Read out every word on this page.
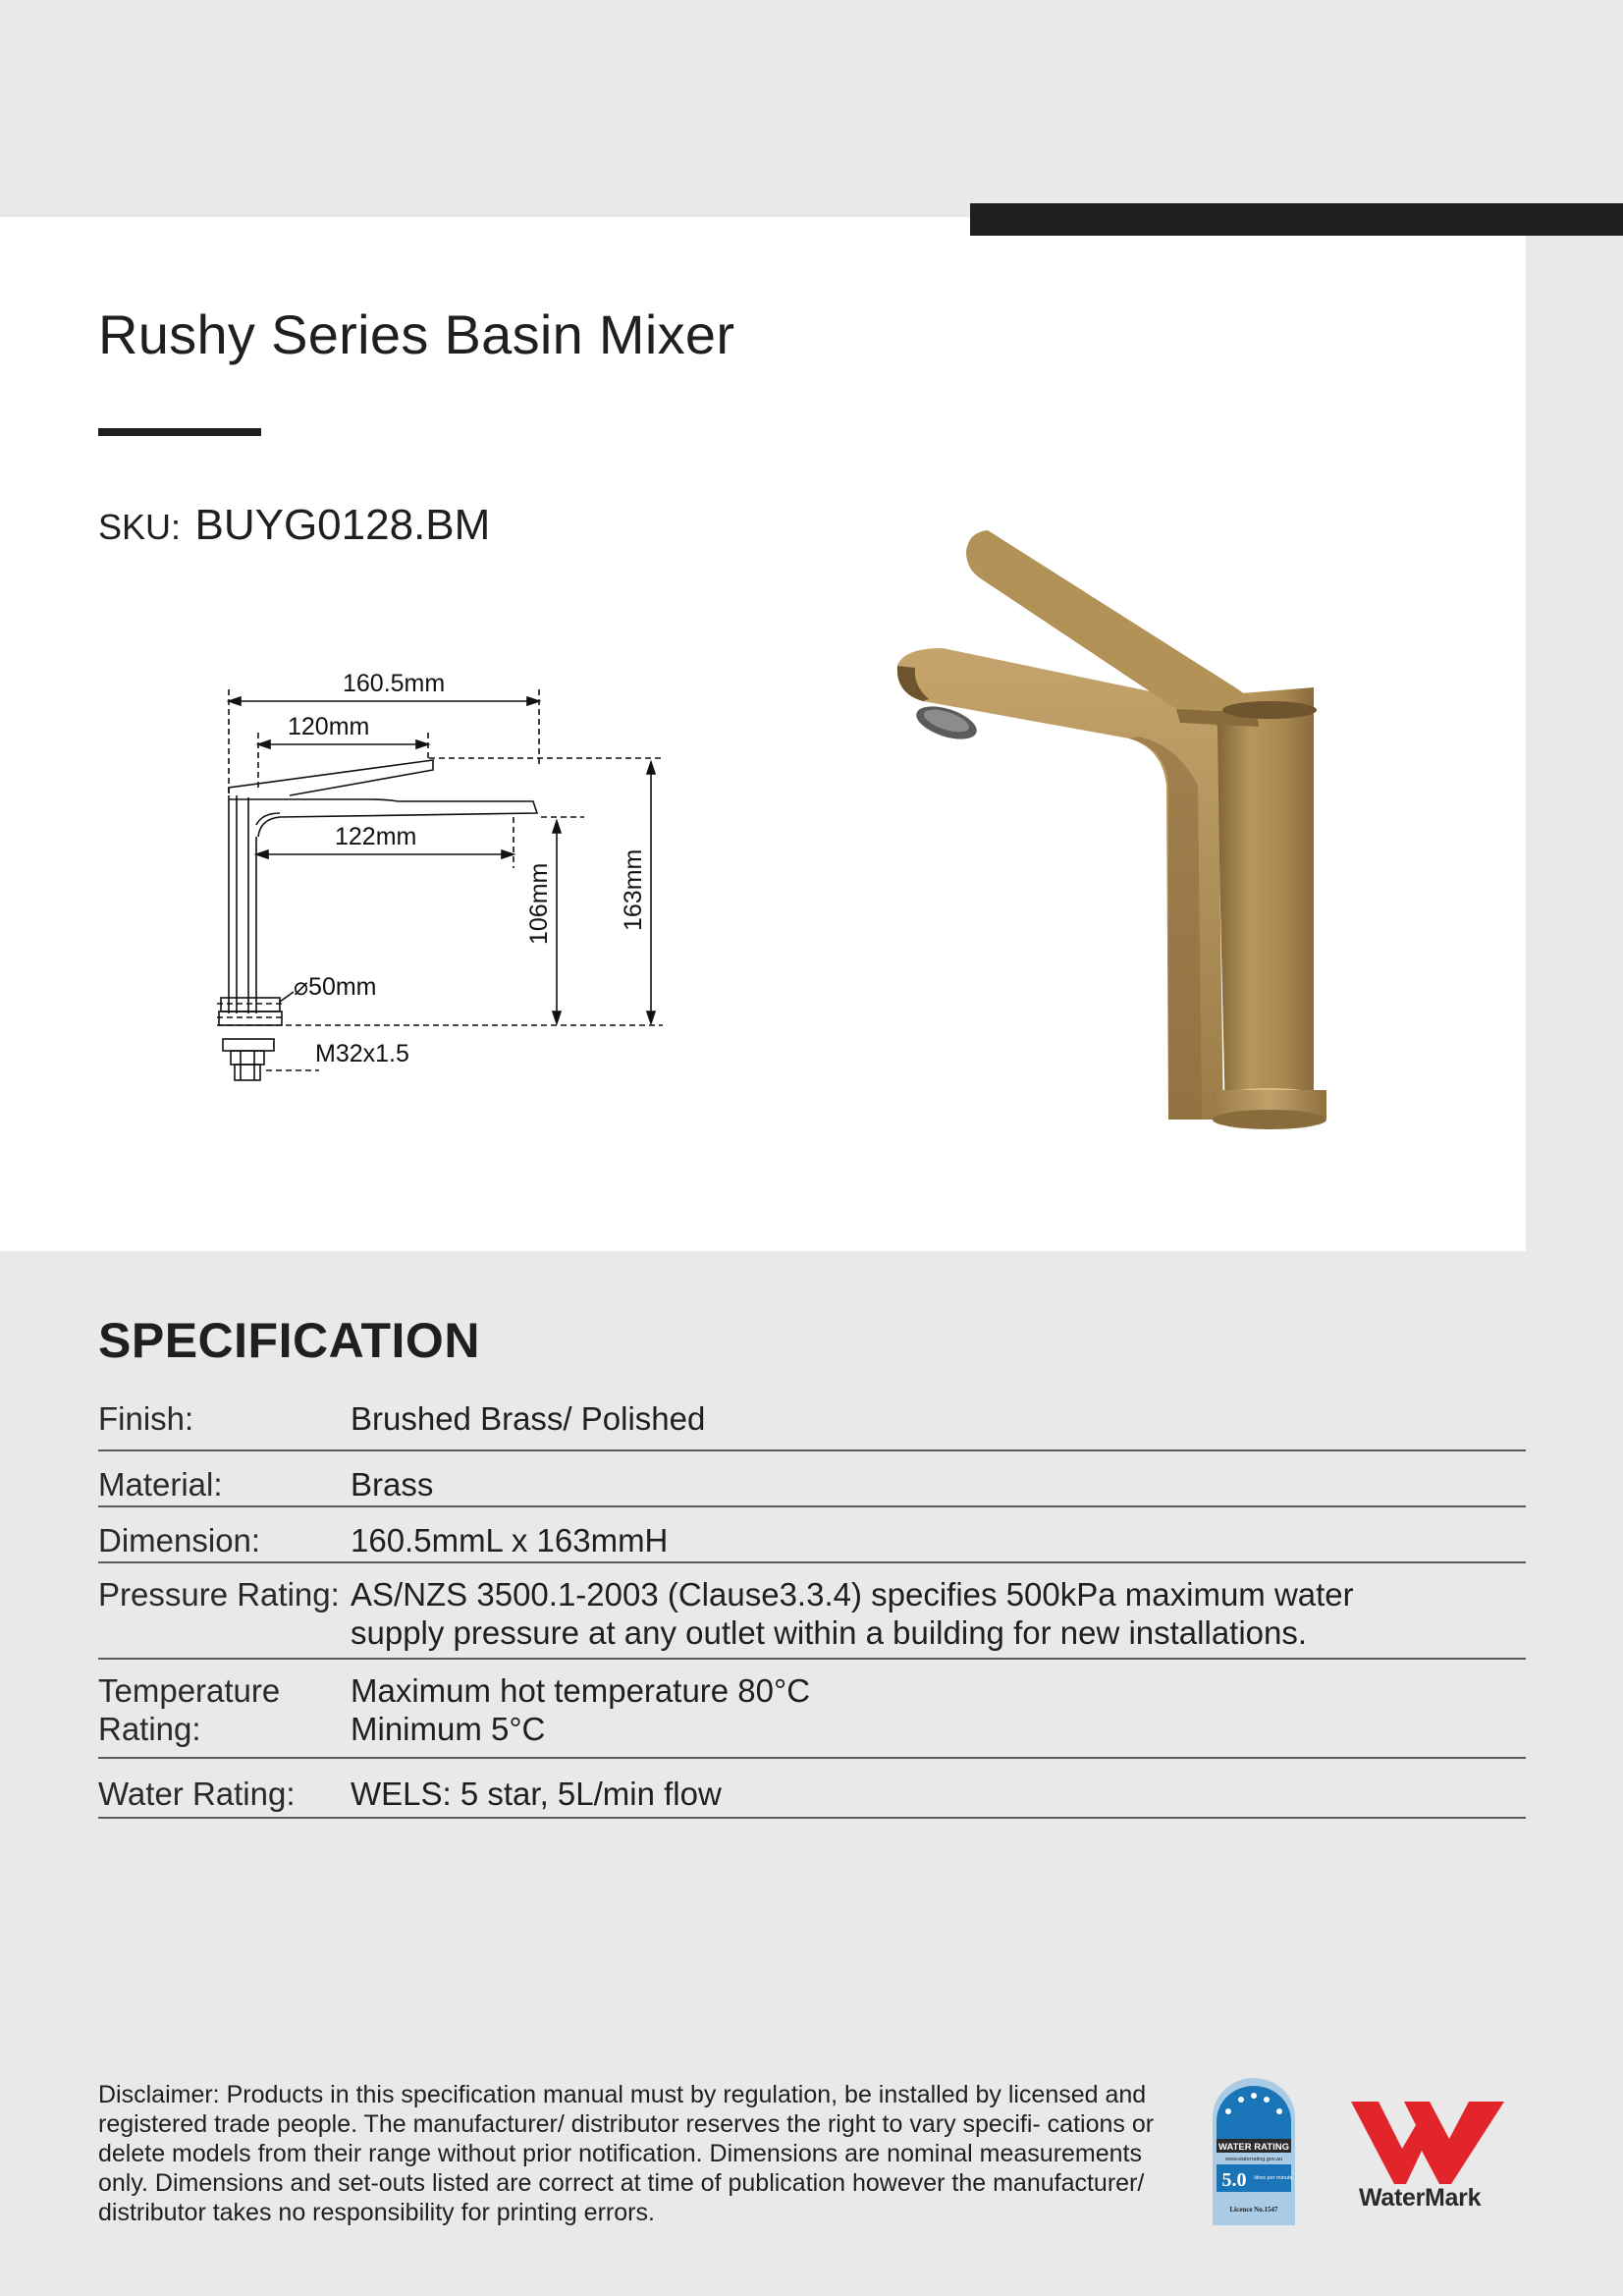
Rushy Series Basin Mixer
SKU: BUYG0128.BM
160.5mm
120mm
122mm
106mm	163mm
⌀50mm
M32x1.5
SPECIFICATION
Finish:	Brushed Brass/ Polished
Material:	Brass
Dimension:	160.5mmL x 163mmH
Pressure Rating: AS/NZS 3500.1-2003 (Clause3.3.4) specifies 500kPa maximum water
supply pressure at any outlet within a building for new installations.
Temperature Rating:
Maximum hot temperature 80°C
Minimum 5°C
Water Rating:	WELS: 5 star, 5L/min flow

Disclaimer: Products in this specification manual must by regulation, be installed by licensed and registered trade people. The manufacturer/ distributor reserves the right to vary specifi- cations or delete models from their range without prior notification. Dimensions are nominal measurements only. Dimensions and set-outs listed are correct at time of publication however the manufacturer/ distributor takes no responsibility for printing errors.

WATER RATING
www.waterrating.gov.au
5.0 litres per minute
Licence No.1547	WaterMark
